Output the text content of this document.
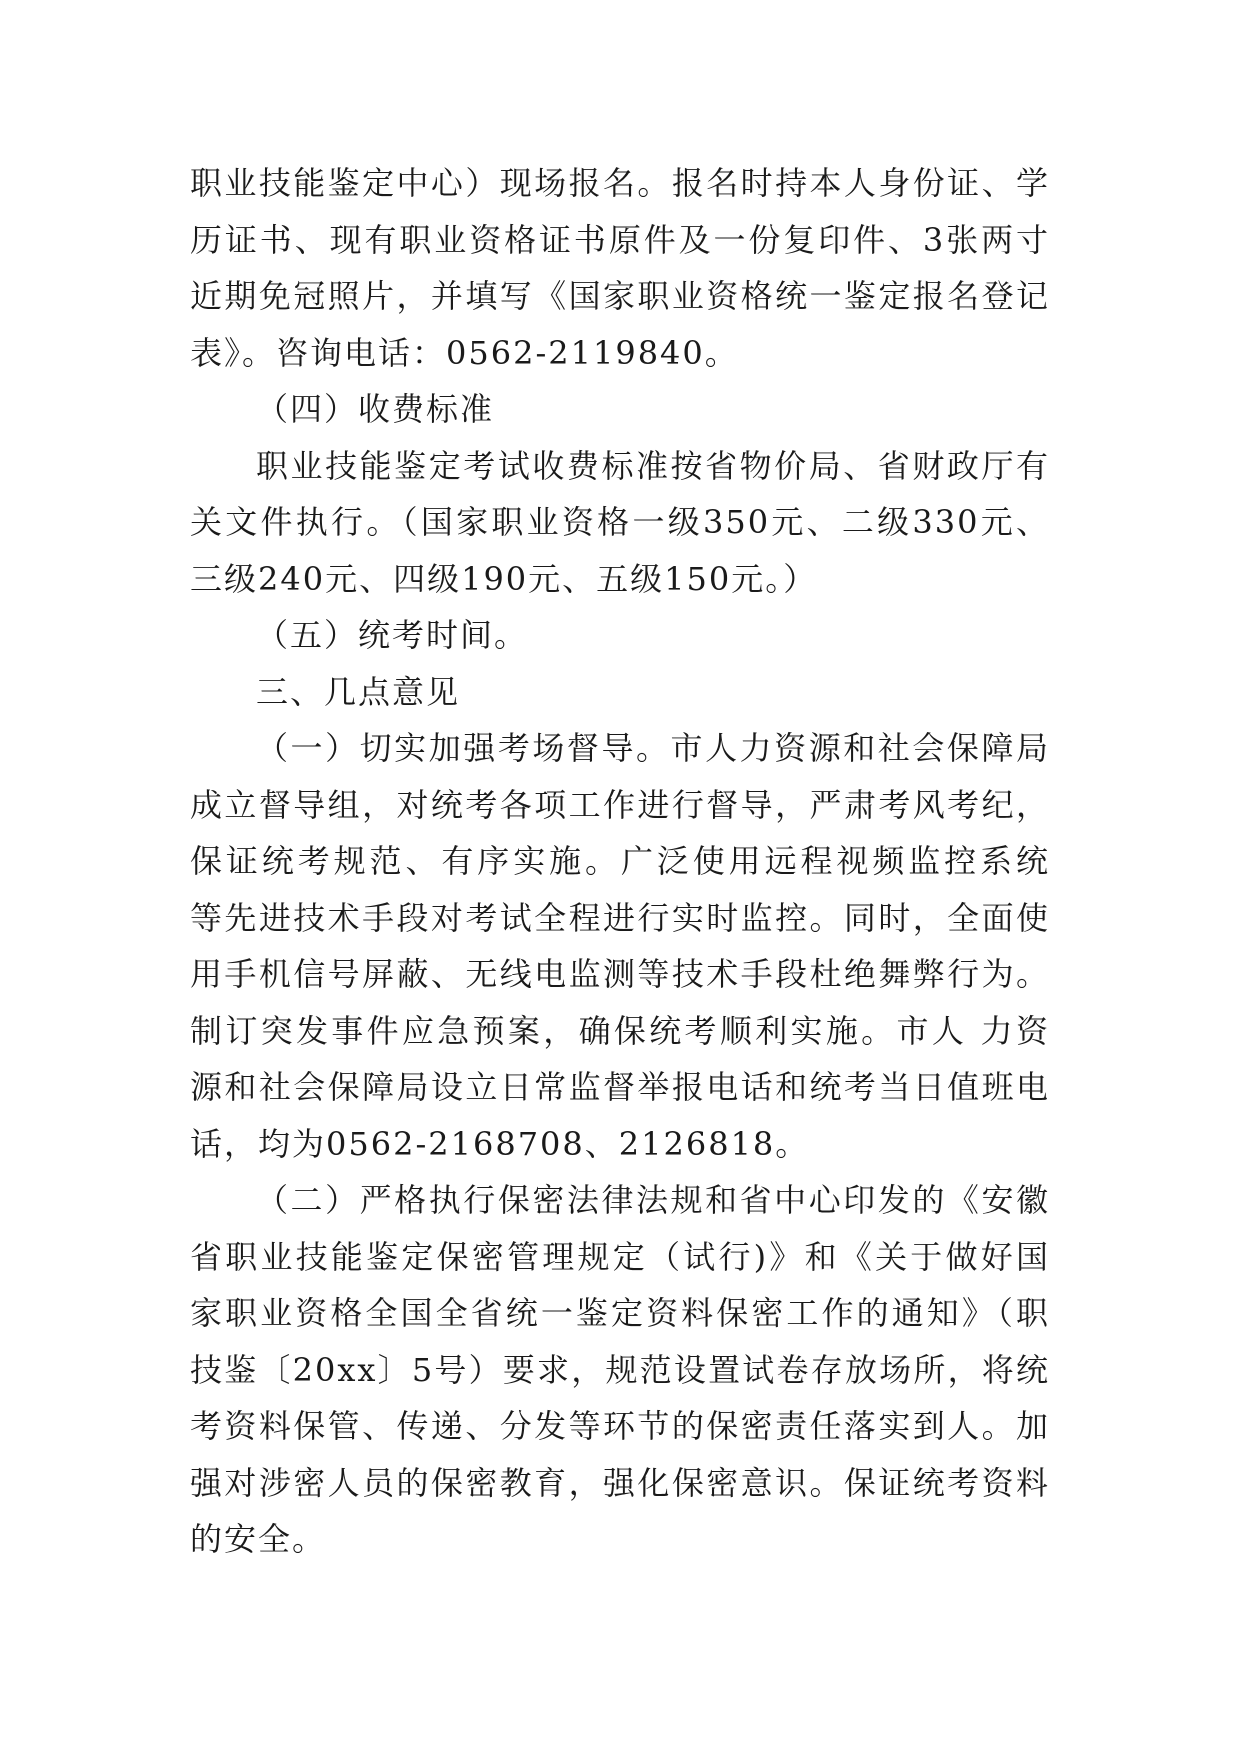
职业技能鉴定中心）现场报名。报名时持本人身份证、学历证书、现有职业资格证书原件及一份复印件、3张两寸近期免冠照片，并填写《国家职业资格统一鉴定报名登记表》。咨询电话：0562-2119840。

（四）收费标准

职业技能鉴定考试收费标准按省物价局、省财政厅有关文件执行。（国家职业资格一级350元、二级330元、三级240元、四级190元、五级150元。）

（五）统考时间。

三、几点意见

（一）切实加强考场督导。市人力资源和社会保障局成立督导组，对统考各项工作进行督导，严肃考风考纪，保证统考规范、有序实施。广泛使用远程视频监控系统 等先进技术手段对考试全程进行实时监控。同时，全面使用手机信号屏蔽、无线电监测等技术手段杜绝舞弊行为。制订突发事件应急预案，确保统考顺利实施。市人 力资源和社会保障局设立日常监督举报电话和统考当日值班电话，均为0562-2168708、2126818。

（二）严格执行保密法律法规和省中心印发的《安徽省职业技能鉴定保密管理规定（试行)》和《关于做好国家职业资格全国全省统一鉴定资料保密工作的通知》（职技鉴〔20xx〕5号）要求，规范设置试卷存放场所，将统考资料保管、传递、分发等环节的保密责任落实到人。加强对涉密人员的保密教育，强化保密意识。保证统考资料的安全。
